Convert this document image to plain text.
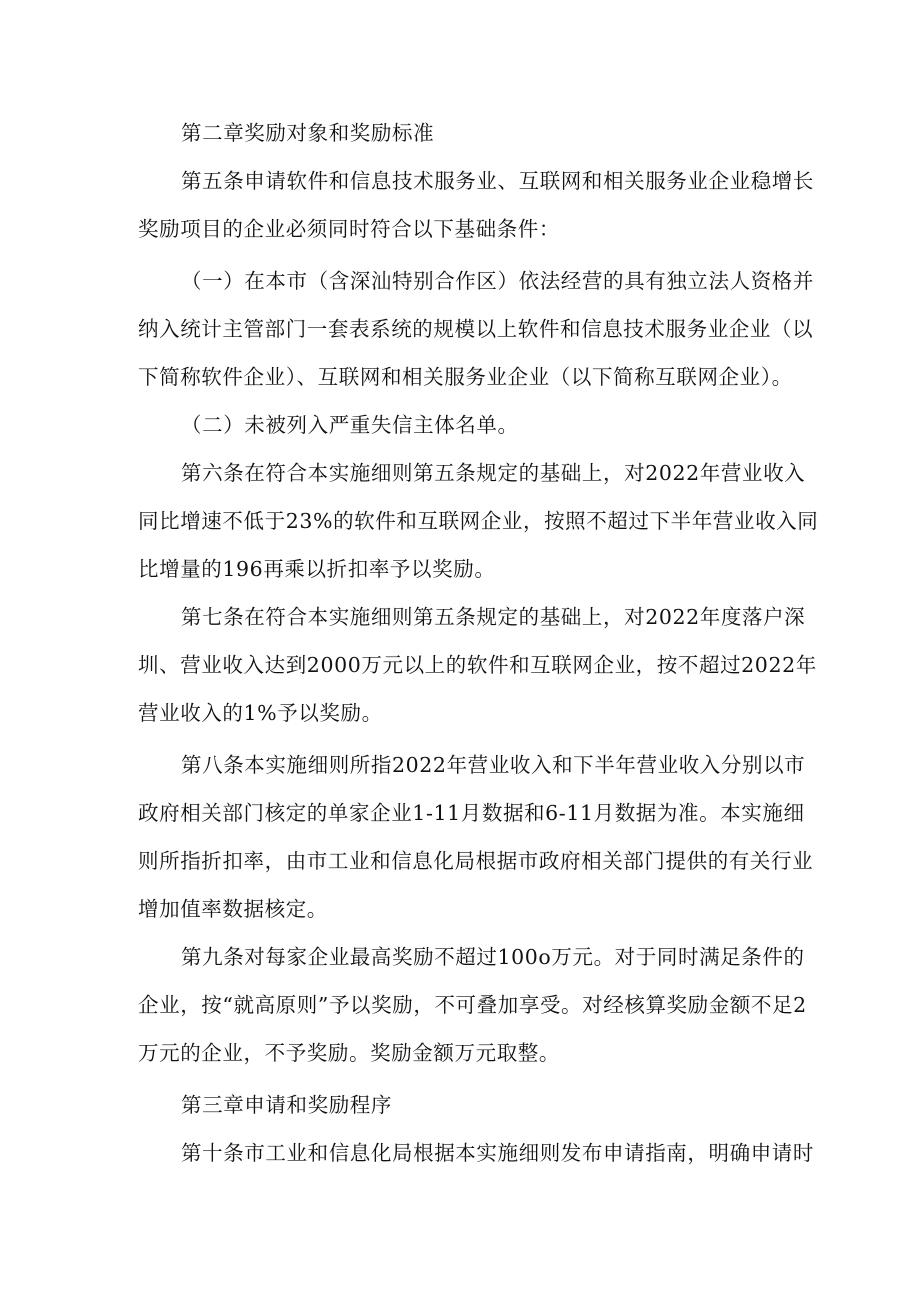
第二章奖励对象和奖励标准
第五条申请软件和信息技术服务业、互联网和相关服务业企业稳增长
奖励项目的企业必须同时符合以下基础条件：
（一）在本市（含深汕特别合作区）依法经营的具有独立法人资格并
纳入统计主管部门一套表系统的规模以上软件和信息技术服务业企业（以
下简称软件企业）、互联网和相关服务业企业（以下简称互联网企业）。
（二）未被列入严重失信主体名单。
第六条在符合本实施细则第五条规定的基础上，对2022年营业收入
同比增速不低于23%的软件和互联网企业，按照不超过下半年营业收入同
比增量的196再乘以折扣率予以奖励。
第七条在符合本实施细则第五条规定的基础上，对2022年度落户深
圳、营业收入达到2000万元以上的软件和互联网企业，按不超过2022年
营业收入的1%予以奖励。
第八条本实施细则所指2022年营业收入和下半年营业收入分别以市
政府相关部门核定的单家企业1-11月数据和6-11月数据为准。本实施细
则所指折扣率，由市工业和信息化局根据市政府相关部门提供的有关行业
增加值率数据核定。
第九条对每家企业最高奖励不超过100o万元。对于同时满足条件的
企业，按“就高原则”予以奖励，不可叠加享受。对经核算奖励金额不足2
万元的企业，不予奖励。奖励金额万元取整。
第三章申请和奖励程序
第十条市工业和信息化局根据本实施细则发布申请指南，明确申请时
